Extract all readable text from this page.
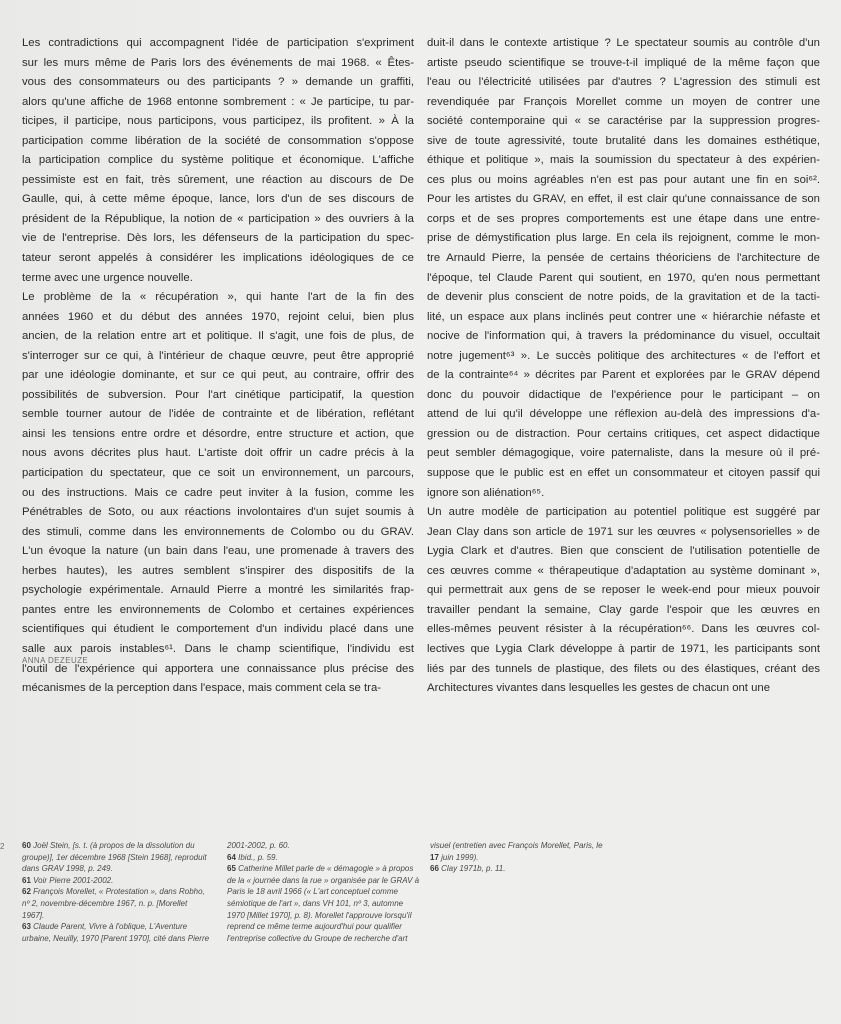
Les contradictions qui accompagnent l'idée de participation s'expriment
sur les murs même de Paris lors des événements de mai 1968. « Êtes-
vous des consommateurs ou des participants ? » demande un graffiti,
alors qu'une affiche de 1968 entonne sombrement : « Je participe, tu par-
ticipes, il participe, nous participons, vous participez, ils profitent. » À la
participation comme libération de la société de consommation s'oppose
la participation complice du système politique et économique. L'affiche
pessimiste est en fait, très sûrement, une réaction au discours de De
Gaulle, qui, à cette même époque, lance, lors d'un de ses discours de
président de la République, la notion de « participation » des ouvriers à la
vie de l'entreprise. Dès lors, les défenseurs de la participation du spec-
tateur seront appelés à considérer les implications idéologiques de ce
terme avec une urgence nouvelle.
Le problème de la « récupération », qui hante l'art de la fin des
années 1960 et du début des années 1970, rejoint celui, bien plus
ancien, de la relation entre art et politique. Il s'agit, une fois de plus, de
s'interroger sur ce qui, à l'intérieur de chaque œuvre, peut être approprié
par une idéologie dominante, et sur ce qui peut, au contraire, offrir des
possibilités de subversion. Pour l'art cinétique participatif, la question
semble tourner autour de l'idée de contrainte et de libération, reflétant
ainsi les tensions entre ordre et désordre, entre structure et action, que
nous avons décrites plus haut. L'artiste doit offrir un cadre précis à la
participation du spectateur, que ce soit un environnement, un parcours,
ou des instructions. Mais ce cadre peut inviter à la fusion, comme les
Pénétrables de Soto, ou aux réactions involontaires d'un sujet soumis à
des stimuli, comme dans les environnements de Colombo ou du GRAV.
L'un évoque la nature (un bain dans l'eau, une promenade à travers des
herbes hautes), les autres semblent s'inspirer des dispositifs de la
psychologie expérimentale. Arnauld Pierre a montré les similarités frap-
pantes entre les environnements de Colombo et certaines expériences
scientifiques qui étudient le comportement d'un individu placé dans une
salle aux parois instables⁶¹. Dans le champ scientifique, l'individu est
l'outil de l'expérience qui apportera une connaissance plus précise des
mécanismes de la perception dans l'espace, mais comment cela se tra-
duit-il dans le contexte artistique ? Le spectateur soumis au contrôle d'un
artiste pseudo scientifique se trouve-t-il impliqué de la même façon que
l'eau ou l'électricité utilisées par d'autres ? L'agression des stimuli est
revendiquée par François Morellet comme un moyen de contrer une
société contemporaine qui « se caractérise par la suppression progres-
sive de toute agressivité, toute brutalité dans les domaines esthétique,
éthique et politique », mais la soumission du spectateur à des expérien-
ces plus ou moins agréables n'en est pas pour autant une fin en soi⁶².
Pour les artistes du GRAV, en effet, il est clair qu'une connaissance de son
corps et de ses propres comportements est une étape dans une entre-
prise de démystification plus large. En cela ils rejoignent, comme le mon-
tre Arnauld Pierre, la pensée de certains théoriciens de l'architecture de
l'époque, tel Claude Parent qui soutient, en 1970, qu'en nous permettant
de devenir plus conscient de notre poids, de la gravitation et de la tacti-
lité, un espace aux plans inclinés peut contrer une « hiérarchie néfaste et
nocive de l'information qui, à travers la prédominance du visuel, occultait
notre jugement⁶³ ». Le succès politique des architectures « de l'effort et
de la contrainte⁶⁴ » décrites par Parent et explorées par le GRAV dépend
donc du pouvoir didactique de l'expérience pour le participant – on
attend de lui qu'il développe une réflexion au-delà des impressions d'a-
gression ou de distraction. Pour certains critiques, cet aspect didactique
peut sembler démagogique, voire paternaliste, dans la mesure où il pré-
suppose que le public est en effet un consommateur et citoyen passif qui
ignore son aliénation⁶⁵.
Un autre modèle de participation au potentiel politique est suggéré par
Jean Clay dans son article de 1971 sur les œuvres « polysensorielles » de
Lygia Clark et d'autres. Bien que conscient de l'utilisation potentielle de
ces œuvres comme « thérapeutique d'adaptation au système dominant »,
qui permettrait aux gens de se reposer le week-end pour mieux pouvoir
travailler pendant la semaine, Clay garde l'espoir que les œuvres en
elles-mêmes peuvent résister à la récupération⁶⁶. Dans les œuvres col-
lectives que Lygia Clark développe à partir de 1971, les participants sont
liés par des tunnels de plastique, des filets ou des élastiques, créant des
Architectures vivantes dans lesquelles les gestes de chacun ont une
ANNA DEZEUZE
2 60 Joël Stein, [s. t. (à propos de la dissolution du
groupe)], 1er décembre 1968 [Stein 1968], reproduit
dans GRAV 1998, p. 249.
61 Voir Pierre 2001-2002.
62 François Morellet, « Protestation », dans Robho,
nº 2, novembre-décembre 1967, n. p. [Morellet
1967].
63 Claude Parent, Vivre à l'oblique, L'Aventure
urbaine, Neuilly, 1970 [Parent 1970], cité dans Pierre
2001-2002, p. 60.
64 Ibid., p. 59.
65 Catherine Millet parle de « démagogie » à propos
de la « journée dans la rue » organisée par le GRAV à
Paris le 18 avril 1966 (« L'art conceptuel comme
sémiotique de l'art », dans VH 101, nº 3, automne
1970 [Millet 1970], p. 8). Morellet l'approuve lorsqu'il
reprend ce même terme aujourd'hui pour qualifier
l'entreprise collective du Groupe de recherche d'art
visuel (entretien avec François Morellet, Paris, le
17 juin 1999).
66 Clay 1971b, p. 11.
